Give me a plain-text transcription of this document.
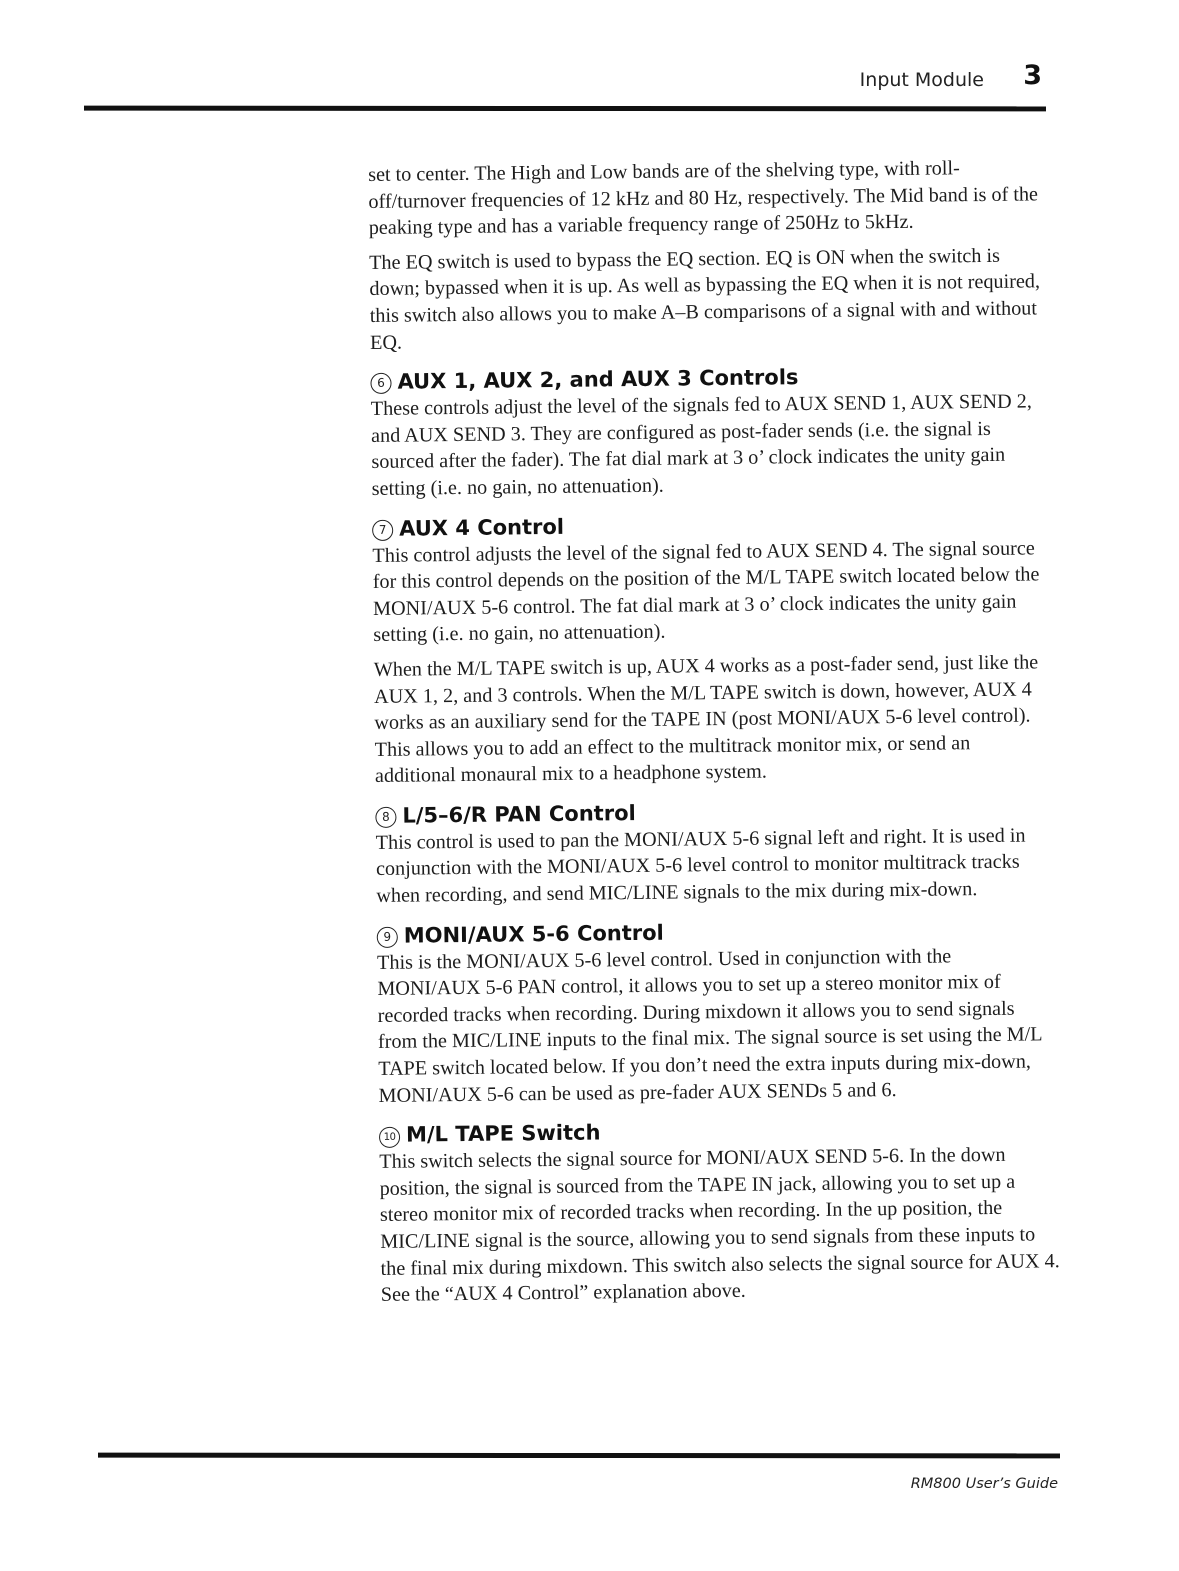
Input Module 3

set to center. The High and Low bands are of the shelving type, with roll-off/turnover frequencies of 12 kHz and 80 Hz, respectively. The Mid band is of the peaking type and has a variable frequency range of 250Hz to 5kHz.

The EQ switch is used to bypass the EQ section. EQ is ON when the switch is down; bypassed when it is up. As well as bypassing the EQ when it is not required, this switch also allows you to make A–B comparisons of a signal with and without EQ.

6 AUX 1, AUX 2, and AUX 3 Controls

These controls adjust the level of the signals fed to AUX SEND 1, AUX SEND 2, and AUX SEND 3. They are configured as post-fader sends (i.e. the signal is sourced after the fader). The fat dial mark at 3 o’ clock indicates the unity gain setting (i.e. no gain, no attenuation).

7 AUX 4 Control

This control adjusts the level of the signal fed to AUX SEND 4. The signal source for this control depends on the position of the M/L TAPE switch located below the MONI/AUX 5-6 control. The fat dial mark at 3 o’ clock indicates the unity gain setting (i.e. no gain, no attenuation).

When the M/L TAPE switch is up, AUX 4 works as a post-fader send, just like the AUX 1, 2, and 3 controls. When the M/L TAPE switch is down, however, AUX 4 works as an auxiliary send for the TAPE IN (post MONI/AUX 5-6 level control). This allows you to add an effect to the multitrack monitor mix, or send an additional monaural mix to a headphone system.

8 L/5–6/R PAN Control

This control is used to pan the MONI/AUX 5-6 signal left and right. It is used in conjunction with the MONI/AUX 5-6 level control to monitor multitrack tracks when recording, and send MIC/LINE signals to the mix during mix-down.

9 MONI/AUX 5-6 Control

This is the MONI/AUX 5-6 level control. Used in conjunction with the MONI/AUX 5-6 PAN control, it allows you to set up a stereo monitor mix of recorded tracks when recording. During mixdown it allows you to send signals from the MIC/LINE inputs to the final mix. The signal source is set using the M/L TAPE switch located below. If you don’t need the extra inputs during mix-down, MONI/AUX 5-6 can be used as pre-fader AUX SENDs 5 and 6.

10 M/L TAPE Switch

This switch selects the signal source for MONI/AUX SEND 5-6. In the down position, the signal is sourced from the TAPE IN jack, allowing you to set up a stereo monitor mix of recorded tracks when recording. In the up position, the MIC/LINE signal is the source, allowing you to send signals from these inputs to the final mix during mixdown. This switch also selects the signal source for AUX 4. See the “AUX 4 Control” explanation above.

RM800 User’s Guide
